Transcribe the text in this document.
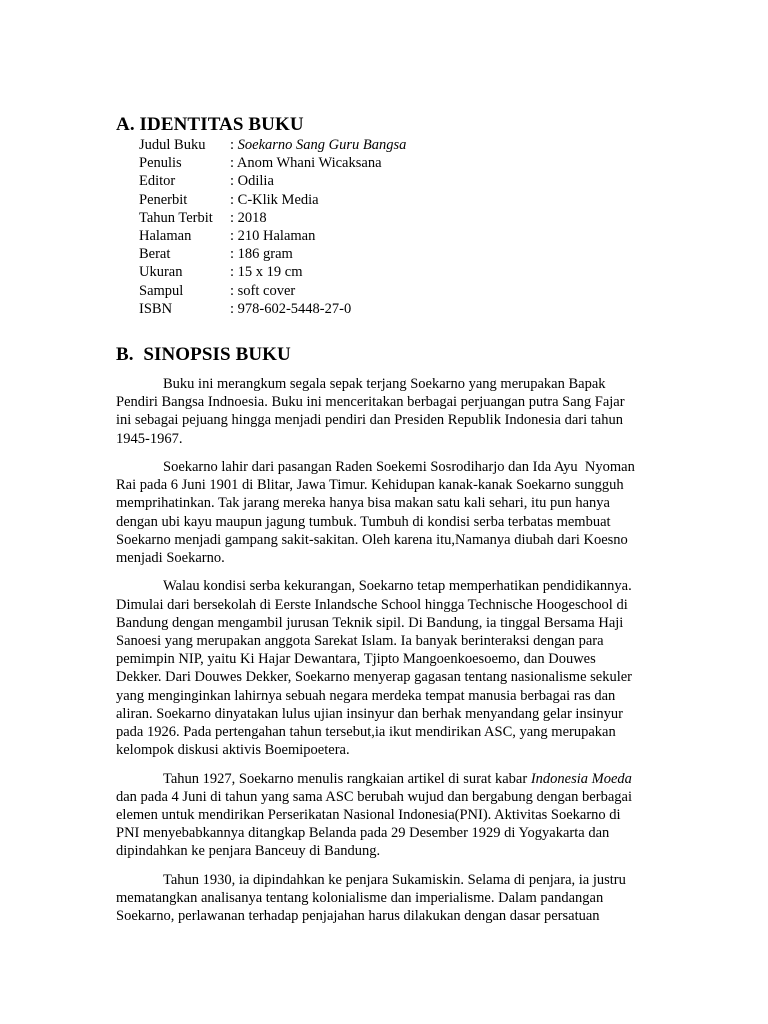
A. IDENTITAS BUKU
Judul Buku	: Soekarno Sang Guru Bangsa
Penulis	: Anom Whani Wicaksana
Editor	: Odilia
Penerbit	: C-Klik Media
Tahun Terbit	: 2018
Halaman	: 210 Halaman
Berat	: 186 gram
Ukuran	: 15 x 19 cm
Sampul	: soft cover
ISBN	: 978-602-5448-27-0
B.  SINOPSIS BUKU
Buku ini merangkum segala sepak terjang Soekarno yang merupakan Bapak
Pendiri Bangsa Indnoesia. Buku ini menceritakan berbagai perjuangan putra Sang Fajar
ini sebagai pejuang hingga menjadi pendiri dan Presiden Republik Indonesia dari tahun
1945-1967.
Soekarno lahir dari pasangan Raden Soekemi Sosrodiharjo dan Ida Ayu  Nyoman
Rai pada 6 Juni 1901 di Blitar, Jawa Timur. Kehidupan kanak-kanak Soekarno sungguh
memprihatinkan. Tak jarang mereka hanya bisa makan satu kali sehari, itu pun hanya
dengan ubi kayu maupun jagung tumbuk. Tumbuh di kondisi serba terbatas membuat
Soekarno menjadi gampang sakit-sakitan. Oleh karena itu,Namanya diubah dari Koesno
menjadi Soekarno.
Walau kondisi serba kekurangan, Soekarno tetap memperhatikan pendidikannya.
Dimulai dari bersekolah di Eerste Inlandsche School hingga Technische Hoogeschool di
Bandung dengan mengambil jurusan Teknik sipil. Di Bandung, ia tinggal Bersama Haji
Sanoesi yang merupakan anggota Sarekat Islam. Ia banyak berinteraksi dengan para
pemimpin NIP, yaitu Ki Hajar Dewantara, Tjipto Mangoenkoesoemo, dan Douwes
Dekker. Dari Douwes Dekker, Soekarno menyerap gagasan tentang nasionalisme sekuler
yang menginginkan lahirnya sebuah negara merdeka tempat manusia berbagai ras dan
aliran. Soekarno dinyatakan lulus ujian insinyur dan berhak menyandang gelar insinyur
pada 1926. Pada pertengahan tahun tersebut,ia ikut mendirikan ASC, yang merupakan
kelompok diskusi aktivis Boemipoetera.
Tahun 1927, Soekarno menulis rangkaian artikel di surat kabar Indonesia Moeda
dan pada 4 Juni di tahun yang sama ASC berubah wujud dan bergabung dengan berbagai
elemen untuk mendirikan Perserikatan Nasional Indonesia(PNI). Aktivitas Soekarno di
PNI menyebabkannya ditangkap Belanda pada 29 Desember 1929 di Yogyakarta dan
dipindahkan ke penjara Banceuy di Bandung.
Tahun 1930, ia dipindahkan ke penjara Sukamiskin. Selama di penjara, ia justru
mematangkan analisanya tentang kolonialisme dan imperialisme. Dalam pandangan
Soekarno, perlawanan terhadap penjajahan harus dilakukan dengan dasar persatuan
